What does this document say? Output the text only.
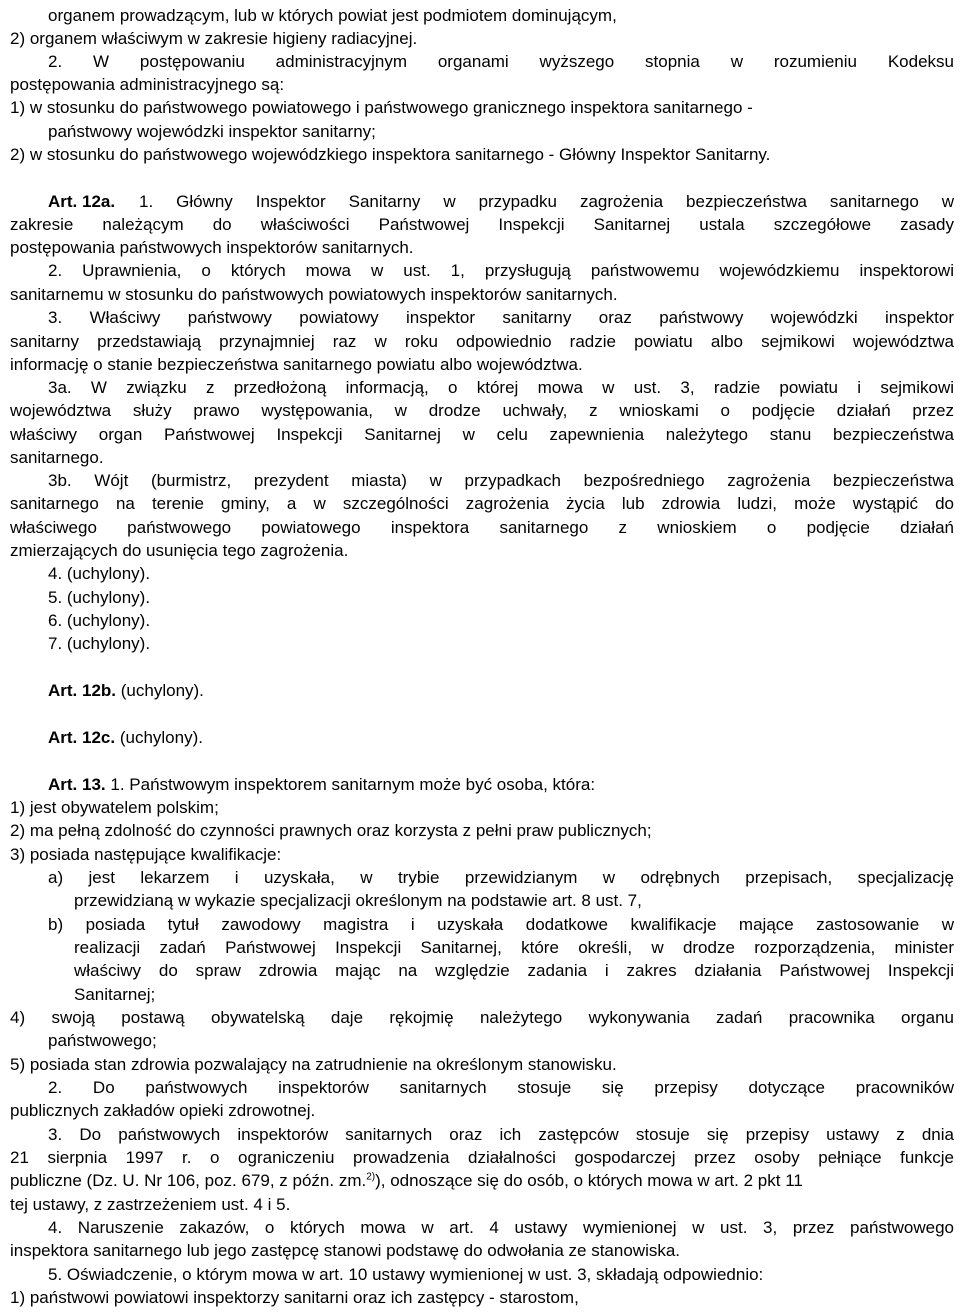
organem prowadzącym, lub w których powiat jest podmiotem dominującym,
2) organem właściwym w zakresie higieny radiacyjnej.
2. W postępowaniu administracyjnym organami wyższego stopnia w rozumieniu Kodeksu
postępowania administracyjnego są:
1) w stosunku do państwowego powiatowego i państwowego granicznego inspektora sanitarnego -
państwowy wojewódzki inspektor sanitarny;
2) w stosunku do państwowego wojewódzkiego inspektora sanitarnego - Główny Inspektor Sanitarny.
Art. 12a. 1. Główny Inspektor Sanitarny w przypadku zagrożenia bezpieczeństwa sanitarnego w
zakresie należącym do właściwości Państwowej Inspekcji Sanitarnej ustala szczegółowe zasady
postępowania państwowych inspektorów sanitarnych.
2. Uprawnienia, o których mowa w ust. 1, przysługują państwowemu wojewódzkiemu inspektorowi
sanitarnemu w stosunku do państwowych powiatowych inspektorów sanitarnych.
3. Właściwy państwowy powiatowy inspektor sanitarny oraz państwowy wojewódzki inspektor
sanitarny przedstawiają przynajmniej raz w roku odpowiednio radzie powiatu albo sejmikowi województwa
informację o stanie bezpieczeństwa sanitarnego powiatu albo województwa.
3a. W związku z przedłożoną informacją, o której mowa w ust. 3, radzie powiatu i sejmikowi
województwa służy prawo występowania, w drodze uchwały, z wnioskami o podjęcie działań przez
właściwy organ Państwowej Inspekcji Sanitarnej w celu zapewnienia należytego stanu bezpieczeństwa
sanitarnego.
3b. Wójt (burmistrz, prezydent miasta) w przypadkach bezpośredniego zagrożenia bezpieczeństwa
sanitarnego na terenie gminy, a w szczególności zagrożenia życia lub zdrowia ludzi, może wystąpić do
właściwego państwowego powiatowego inspektora sanitarnego z wnioskiem o podjęcie działań
zmierzających do usunięcia tego zagrożenia.
4. (uchylony).
5. (uchylony).
6. (uchylony).
7. (uchylony).
Art. 12b. (uchylony).
Art. 12c. (uchylony).
Art. 13. 1. Państwowym inspektorem sanitarnym może być osoba, która:
1) jest obywatelem polskim;
2) ma pełną zdolność do czynności prawnych oraz korzysta z pełni praw publicznych;
3) posiada następujące kwalifikacje:
a) jest lekarzem i uzyskała, w trybie przewidzianym w odrębnych przepisach, specjalizację
przewidzianą w wykazie specjalizacji określonym na podstawie art. 8 ust. 7,
b) posiada tytuł zawodowy magistra i uzyskała dodatkowe kwalifikacje mające zastosowanie w
realizacji zadań Państwowej Inspekcji Sanitarnej, które określi, w drodze rozporządzenia, minister
właściwy do spraw zdrowia mając na względzie zadania i zakres działania Państwowej Inspekcji
Sanitarnej;
4) swoją postawą obywatelską daje rękojmię należytego wykonywania zadań pracownika organu
państwowego;
5) posiada stan zdrowia pozwalający na zatrudnienie na określonym stanowisku.
2. Do państwowych inspektorów sanitarnych stosuje się przepisy dotyczące pracowników
publicznych zakładów opieki zdrowotnej.
3. Do państwowych inspektorów sanitarnych oraz ich zastępców stosuje się przepisy ustawy z dnia
21 sierpnia 1997 r. o ograniczeniu prowadzenia działalności gospodarczej przez osoby pełniące funkcje
publiczne (Dz. U. Nr 106, poz. 679, z późn. zm.$^{2)}$), odnoszące się do osób, o których mowa w art. 2 pkt 11
tej ustawy, z zastrzeżeniem ust. 4 i 5.
4. Naruszenie zakazów, o których mowa w art. 4 ustawy wymienionej w ust. 3, przez państwowego
inspektora sanitarnego lub jego zastępcę stanowi podstawę do odwołania ze stanowiska.
5. Oświadczenie, o którym mowa w art. 10 ustawy wymienionej w ust. 3, składają odpowiednio:
1) państwowi powiatowi inspektorzy sanitarni oraz ich zastępcy - starostom,
